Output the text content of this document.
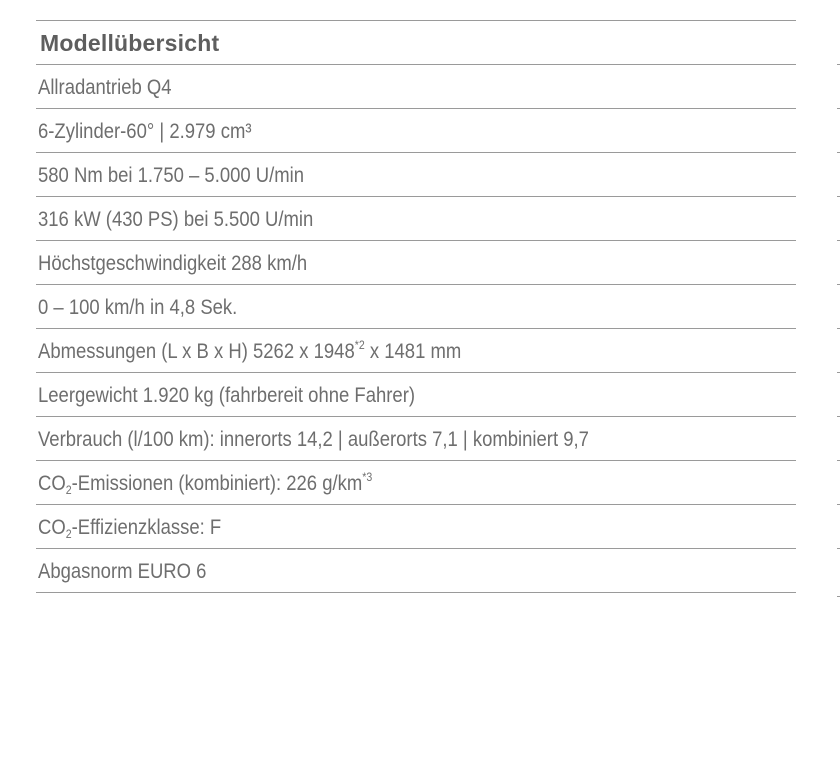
Modellübersicht
Allradantrieb Q4
6-Zylinder-60° | 2.979 cm³
580 Nm bei 1.750 – 5.000 U/min
316 kW (430 PS) bei 5.500 U/min
Höchstgeschwindigkeit 288 km/h
0 – 100 km/h in 4,8 Sek.
Abmessungen (L x B x H) 5262 x 1948$^{*2}$ x 1481 mm
Leergewicht 1.920 kg (fahrbereit ohne Fahrer)
Verbrauch (l/100 km): innerorts 14,2 | außerorts 7,1 | kombiniert 9,7
$CO_2$-Emissionen (kombiniert): 226 $g/km^{*3}$
$CO_2$-Effizienzklasse: F
Abgasnorm EURO 6
